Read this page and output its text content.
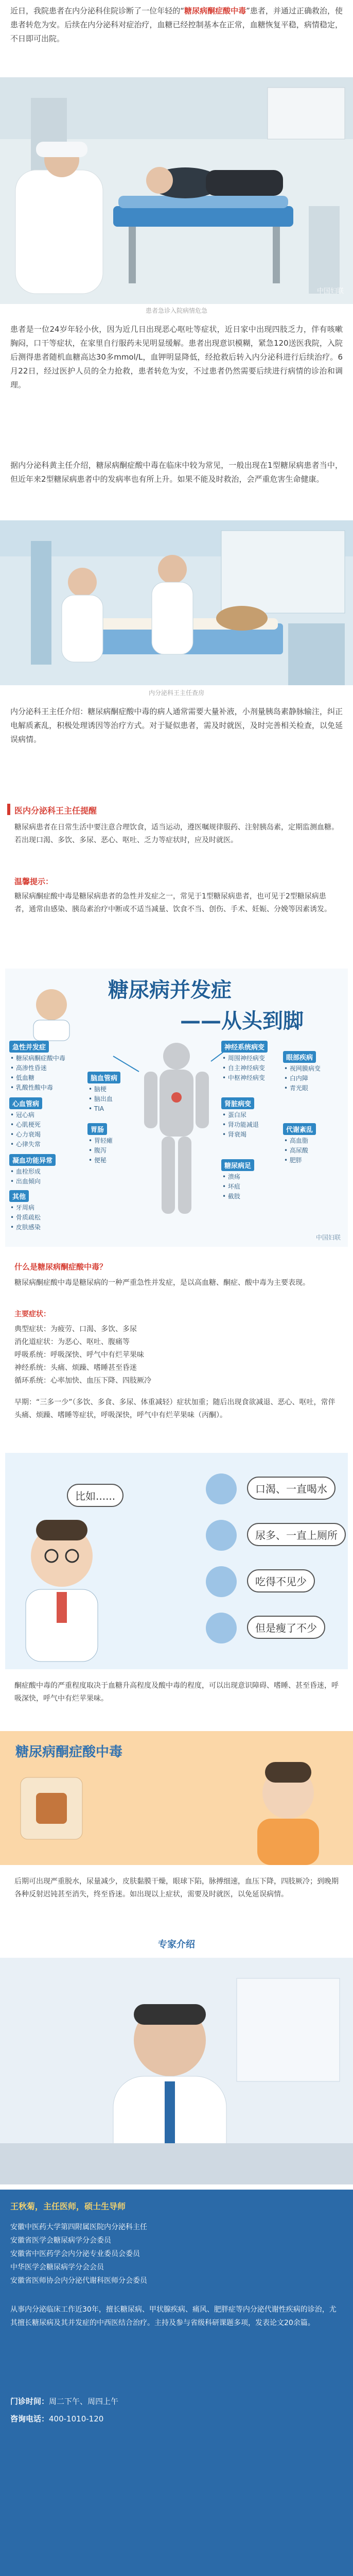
近日，我院患者在内分泌科住院诊断了一位年轻的“糖尿病酮症酸中毒”患者，并通过正确救治，使患者转危为安。后续在内分泌科对症治疗，血糖已经控制基本在正常，血糖恢复平稳，病情稳定，不日即可出院。

中国妇联
患者急诊入院病情危急

患者是一位24岁年轻小伙，因为近几日出现恶心呕吐等症状，近日家中出现四肢乏力，伴有咳嗽胸闷，口干等症状，在家里自行服药未见明显缓解。患者出现意识模糊，紧急120送医我院，入院后测得患者随机血糖高达30多mmol/L，血钾明显降低，经抢救后转入内分泌科进行后续治疗。6月22日，经过医护人员的全力抢救，患者转危为安，不过患者仍然需要后续进行病情的诊治和调理。

据内分泌科黄主任介绍，糖尿病酮症酸中毒在临床中较为常见，一般出现在1型糖尿病患者当中，但近年来2型糖尿病患者中的发病率也有所上升。如果不能及时救治，会严重危害生命健康。

内分泌科王主任查房

内分泌科王主任介绍：糖尿病酮症酸中毒的病人通常需要大量补液，小剂量胰岛素静脉输注，纠正电解质紊乱，积极处理诱因等治疗方式。对于疑似患者，需及时就医，及时完善相关检查，以免延误病情。

医内分泌科王主任提醒

糖尿病患者在日常生活中要注意合理饮食，适当运动，遵医嘱规律服药、注射胰岛素，定期监测血糖。若出现口渴、多饮、多尿、恶心、呕吐、乏力等症状时，应及时就医。

温馨提示：

糖尿病酮症酸中毒是糖尿病患者的急性并发症之一，常见于1型糖尿病患者，也可见于2型糖尿病患者，通常由感染、胰岛素治疗中断或不适当减量、饮食不当、创伤、手术、妊娠、分娩等因素诱发。

糖尿病并发症
——从头到脚
急性并发症
• 糖尿病酮症酸中毒
• 高渗性昏迷
• 低血糖
• 乳酸性酸中毒
心血管病
• 冠心病
• 心肌梗死
• 心力衰竭
• 心律失常
凝血功能异常
• 血栓形成
• 出血倾向
其他
• 牙周病
• 骨质疏松
• 皮肤感染
脑血管病
• 脑梗
• 脑出血
• TIA
胃肠
• 胃轻瘫
• 腹泻
• 便秘
神经系统病变
• 周围神经病变
• 自主神经病变
• 中枢神经病变
眼部疾病
• 视网膜病变
• 白内障
• 青光眼
肾脏病变
• 蛋白尿
• 肾功能减退
• 肾衰竭
代谢紊乱
• 高血脂
• 高尿酸
• 肥胖
糖尿病足
• 溃疡
• 坏疽
• 截肢
中国妇联
什么是糖尿病酮症酸中毒？

糖尿病酮症酸中毒是糖尿病的一种严重急性并发症，是以高血糖、酮症、酸中毒为主要表现。

主要症状：
典型症状：为疲劳、口渴、多饮、多尿
消化道症状：为恶心、呕吐、腹痛等
呼吸系统：呼吸深快、呼气中有烂苹果味
神经系统：头痛、烦躁、嗜睡甚至昏迷
循环系统：心率加快、血压下降、四肢厥冷

早期：“三多一少”（多饮、多食、多尿、体重减轻）症状加重；随后出现食欲减退、恶心、呕吐，常伴头痛、烦躁、嗜睡等症状，呼吸深快，呼气中有烂苹果味（丙酮）。

比如......
口渴、一直喝水
尿多、一直上厕所
吃得不见少
但是瘦了不少

酮症酸中毒的严重程度取决于血糖升高程度及酸中毒的程度，可以出现意识障碍、嗜睡、甚至昏迷，呼吸深快，呼气中有烂苹果味。

糖尿病酮症酸中毒

后期可出现严重脱水，尿量减少，皮肤黏膜干燥，眼球下陷，脉搏细速，血压下降，四肢厥冷；到晚期各种反射迟钝甚至消失，终至昏迷。如出现以上症状，需要及时就医，以免延误病情。

专家介绍
王秋菊，主任医师，硕士生导师
安徽中医药大学第四附属医院内分泌科主任
安徽省医学会糖尿病学分会委员
安徽省中医药学会内分泌专业委员会委员
中华医学会糖尿病学分会会员
安徽省医师协会内分泌代谢科医师分会委员

从事内分泌临床工作近30年，擅长糖尿病、甲状腺疾病、痛风、肥胖症等内分泌代谢性疾病的诊治，尤其擅长糖尿病及其并发症的中西医结合治疗。主持及参与省级科研课题多项，发表论文20余篇。

门诊时间：周二下午、周四上午
咨询电话：400-1010-120
